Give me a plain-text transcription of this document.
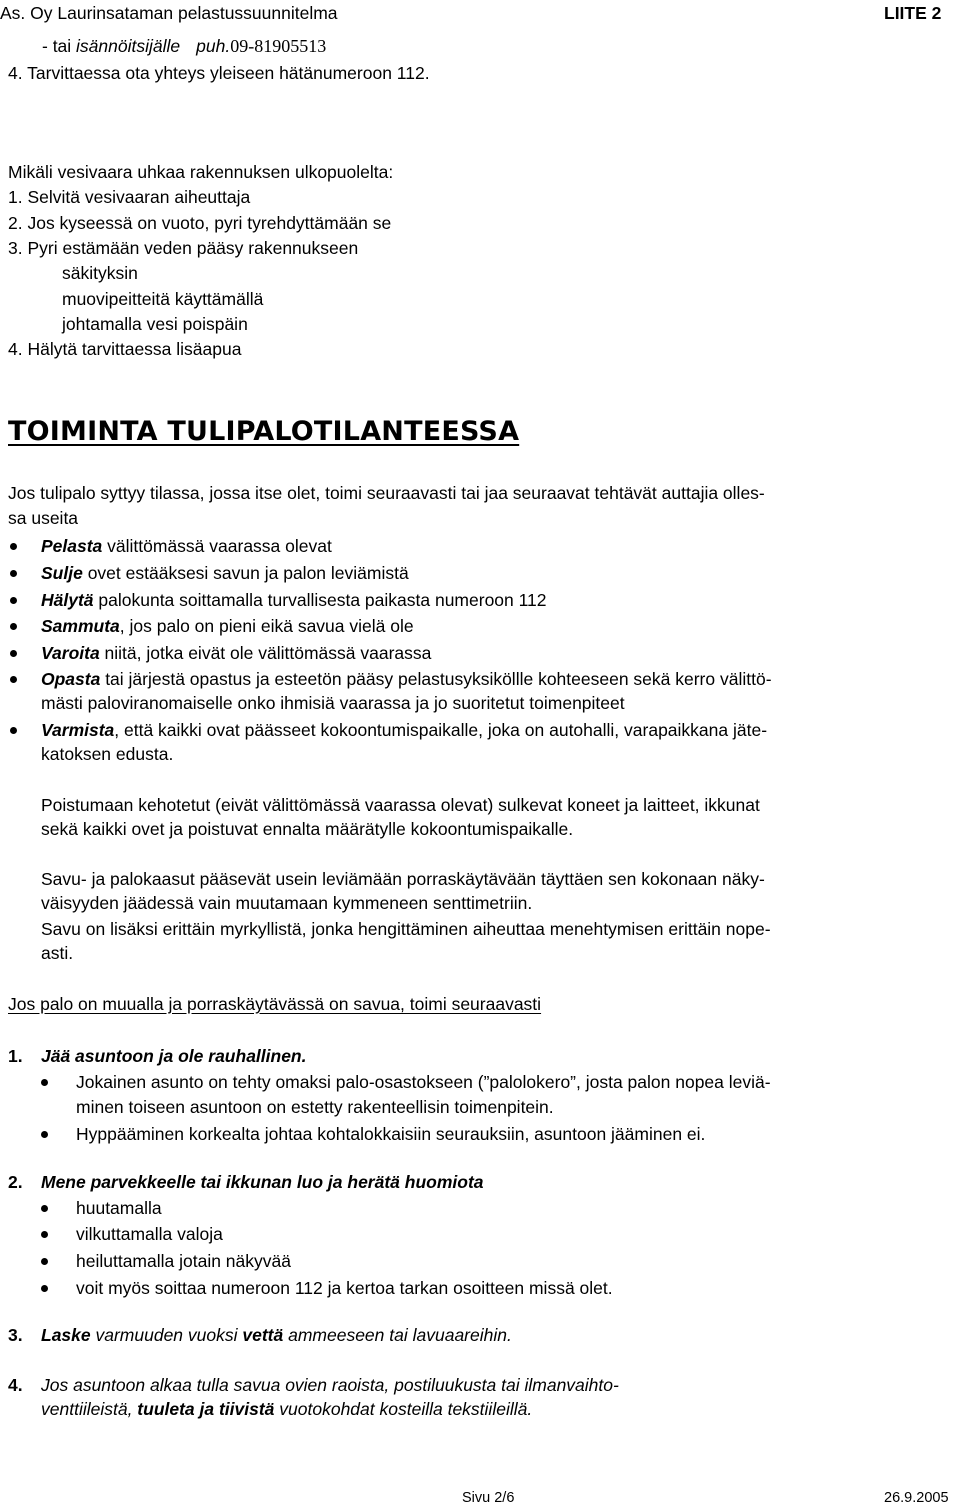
As. Oy Laurinsataman pelastussuunnitelma	LIITE 2
- tai isännöitsijälle puh.09-81905513
4. Tarvittaessa ota yhteys yleiseen hätänumeroon 112.
Mikäli vesivaara uhkaa rakennuksen ulkopuolelta:
1. Selvitä vesivaaran aiheuttaja
2. Jos kyseessä on vuoto, pyri tyrehdyttämään se
3. Pyri estämään veden pääsy rakennukseen
säkityksin
muovipeitteitä käyttämällä
johtamalla vesi poispäin
4. Hälytä tarvittaessa lisäapua
TOIMINTA TULIPALOTILANTEESSA
Jos tulipalo syttyy tilassa, jossa itse olet, toimi seuraavasti tai jaa seuraavat tehtävät auttajia olles-
sa useita
Pelasta välittömässä vaarassa olevat
Sulje ovet estääksesi savun ja palon leviämistä
Hälytä palokunta soittamalla turvallisesta paikasta numeroon 112
Sammuta, jos palo on pieni eikä savua vielä ole
Varoita niitä, jotka eivät ole välittömässä vaarassa
Opasta tai järjestä opastus ja esteetön pääsy pelastusyksiköllle kohteeseen sekä kerro välittö-
mästi paloviranomaiselle onko ihmisiä vaarassa ja jo suoritetut toimenpiteet
Varmista, että kaikki ovat päässeet kokoontumispaikalle, joka on autohalli, varapaikkana jäte-
katoksen edusta.
Poistumaan kehotetut (eivät välittömässä vaarassa olevat) sulkevat koneet ja laitteet, ikkunat
sekä kaikki ovet ja poistuvat ennalta määrätylle kokoontumispaikalle.
Savu- ja palokaasut pääsevät usein leviämään porraskäytävään täyttäen sen kokonaan näky-
väisyyden jäädessä vain muutamaan kymmeneen senttimetriin.
Savu on lisäksi erittäin myrkyllistä, jonka hengittäminen aiheuttaa menehtymisen erittäin nope-
asti.
Jos palo on muualla ja porraskäytävässä on savua, toimi seuraavasti
1. Jää asuntoon ja ole rauhallinen.
Jokainen asunto on tehty omaksi palo-osastokseen (”palolokero”, josta palon nopea leviä-
minen toiseen asuntoon on estetty rakenteellisin toimenpitein.
Hyppääminen korkealta johtaa kohtalokkaisiin seurauksiin, asuntoon jääminen ei.
2. Mene parvekkeelle tai ikkunan luo ja herätä huomiota
huutamalla
vilkuttamalla valoja
heiluttamalla jotain näkyvää
voit myös soittaa numeroon 112 ja kertoa tarkan osoitteen missä olet.
3. Laske varmuuden vuoksi vettä ammeeseen tai lavuaareihin.
4. Jos asuntoon alkaa tulla savua ovien raoista, postiluukusta tai ilmanvaihto-
venttiileistä, tuuleta ja tiivistä vuotokohdat kosteilla tekstiileillä.
Sivu 2/6	26.9.2005
